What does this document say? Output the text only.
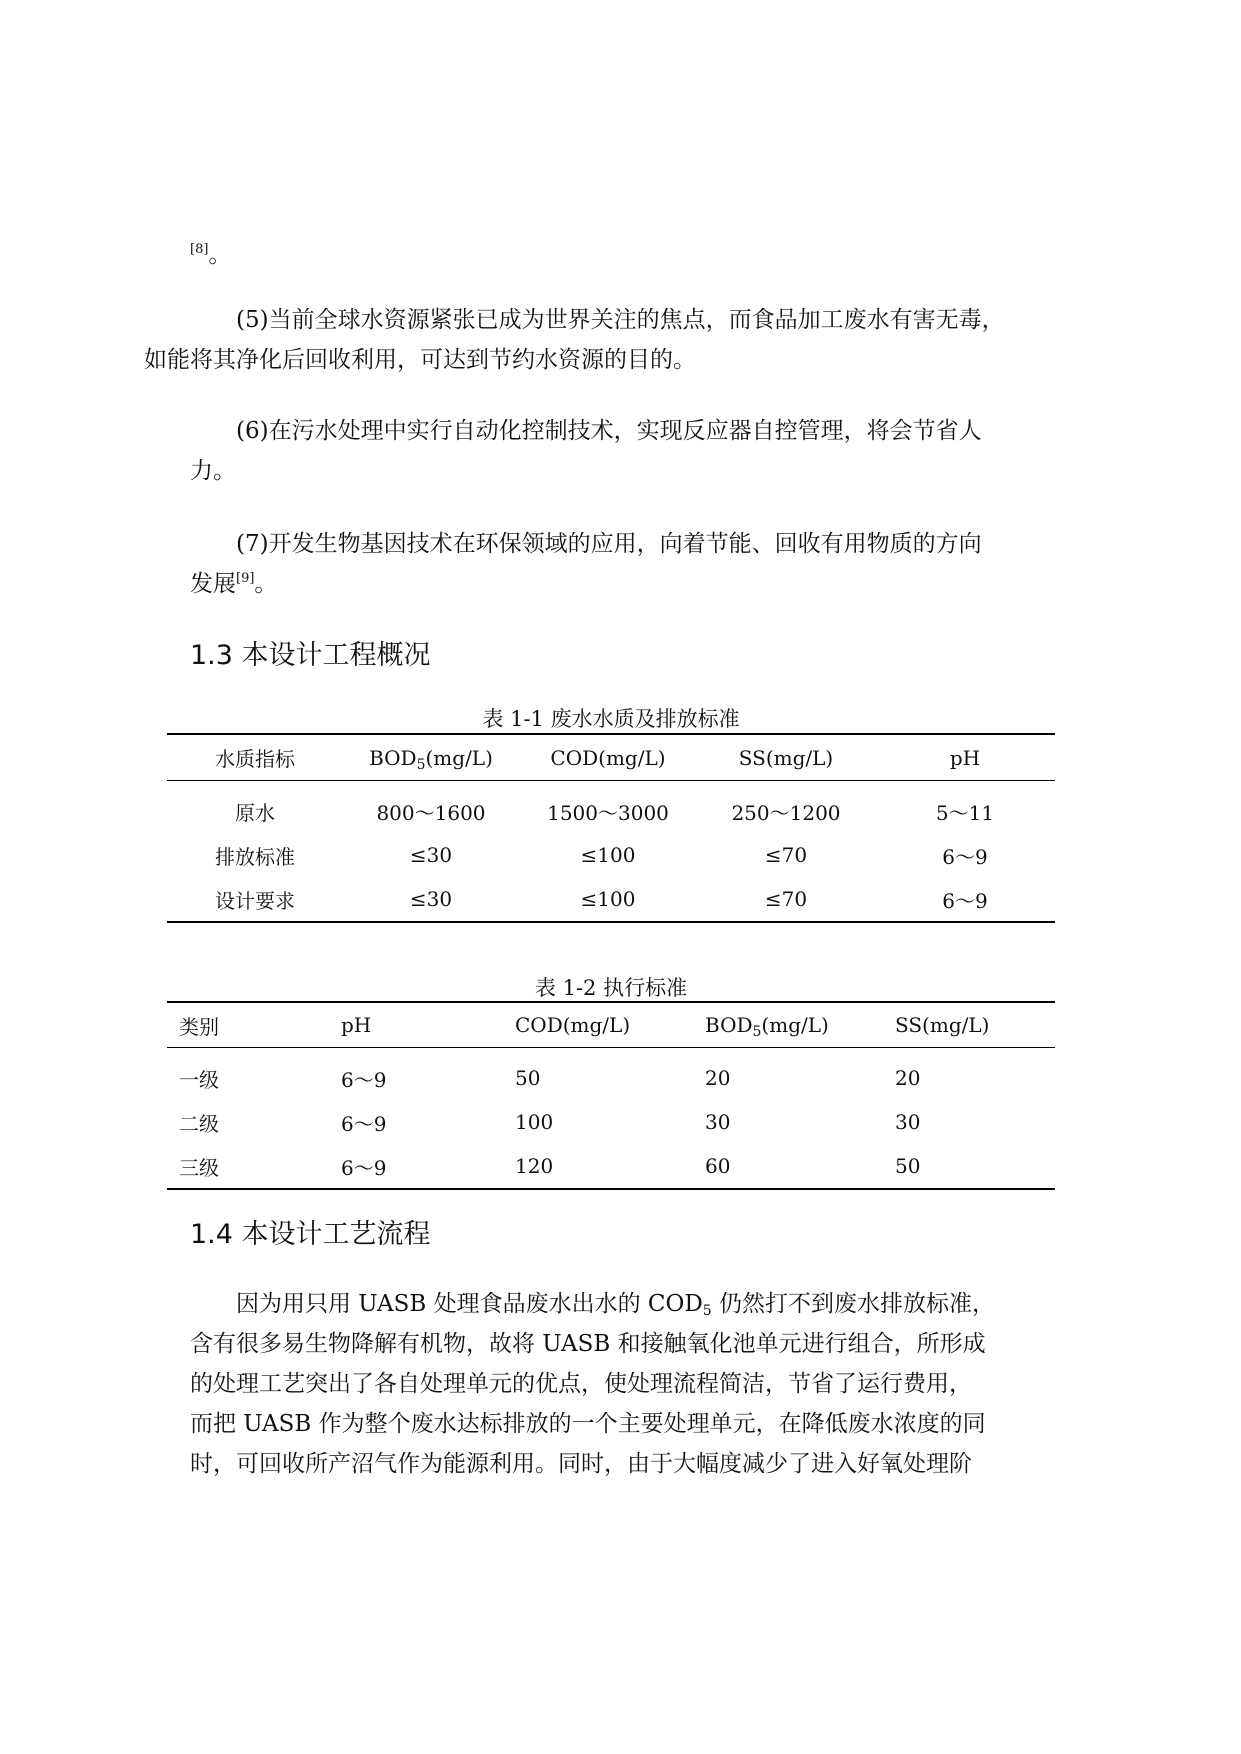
[8]。
(5)当前全球水资源紧张已成为世界关注的焦点，而食品加工废水有害无毒，
如能将其净化后回收利用，可达到节约水资源的目的。
(6)在污水处理中实行自动化控制技术，实现反应器自控管理，将会节省人
力。
(7)开发生物基因技术在环保领域的应用，向着节能、回收有用物质的方向
发展[9]。
1.3 本设计工程概况
表 1-1 废水水质及排放标准
水质指标	$BOD_5(mg/L)$	COD(mg/L)	SS(mg/L)	pH
原水	800～1600	1500～3000	250～1200	5～11
排放标准	≤30	≤100	≤70	6～9
设计要求	≤30	≤100	≤70	6～9
表 1-2 执行标准
类别	pH	COD(mg/L)	$BOD_5(mg/L)$	SS(mg/L)
一级	6～9	50	20	20
二级	6～9	100	30	30
三级	6～9	120	60	50
1.4 本设计工艺流程
因为用只用 UASB 处理食品废水出水的 $COD_5$ 仍然打不到废水排放标准，
含有很多易生物降解有机物，故将 UASB 和接触氧化池单元进行组合，所形成
的处理工艺突出了各自处理单元的优点，使处理流程简洁，节省了运行费用，
而把 UASB 作为整个废水达标排放的一个主要处理单元，在降低废水浓度的同
时，可回收所产沼气作为能源利用。同时，由于大幅度减少了进入好氧处理阶
